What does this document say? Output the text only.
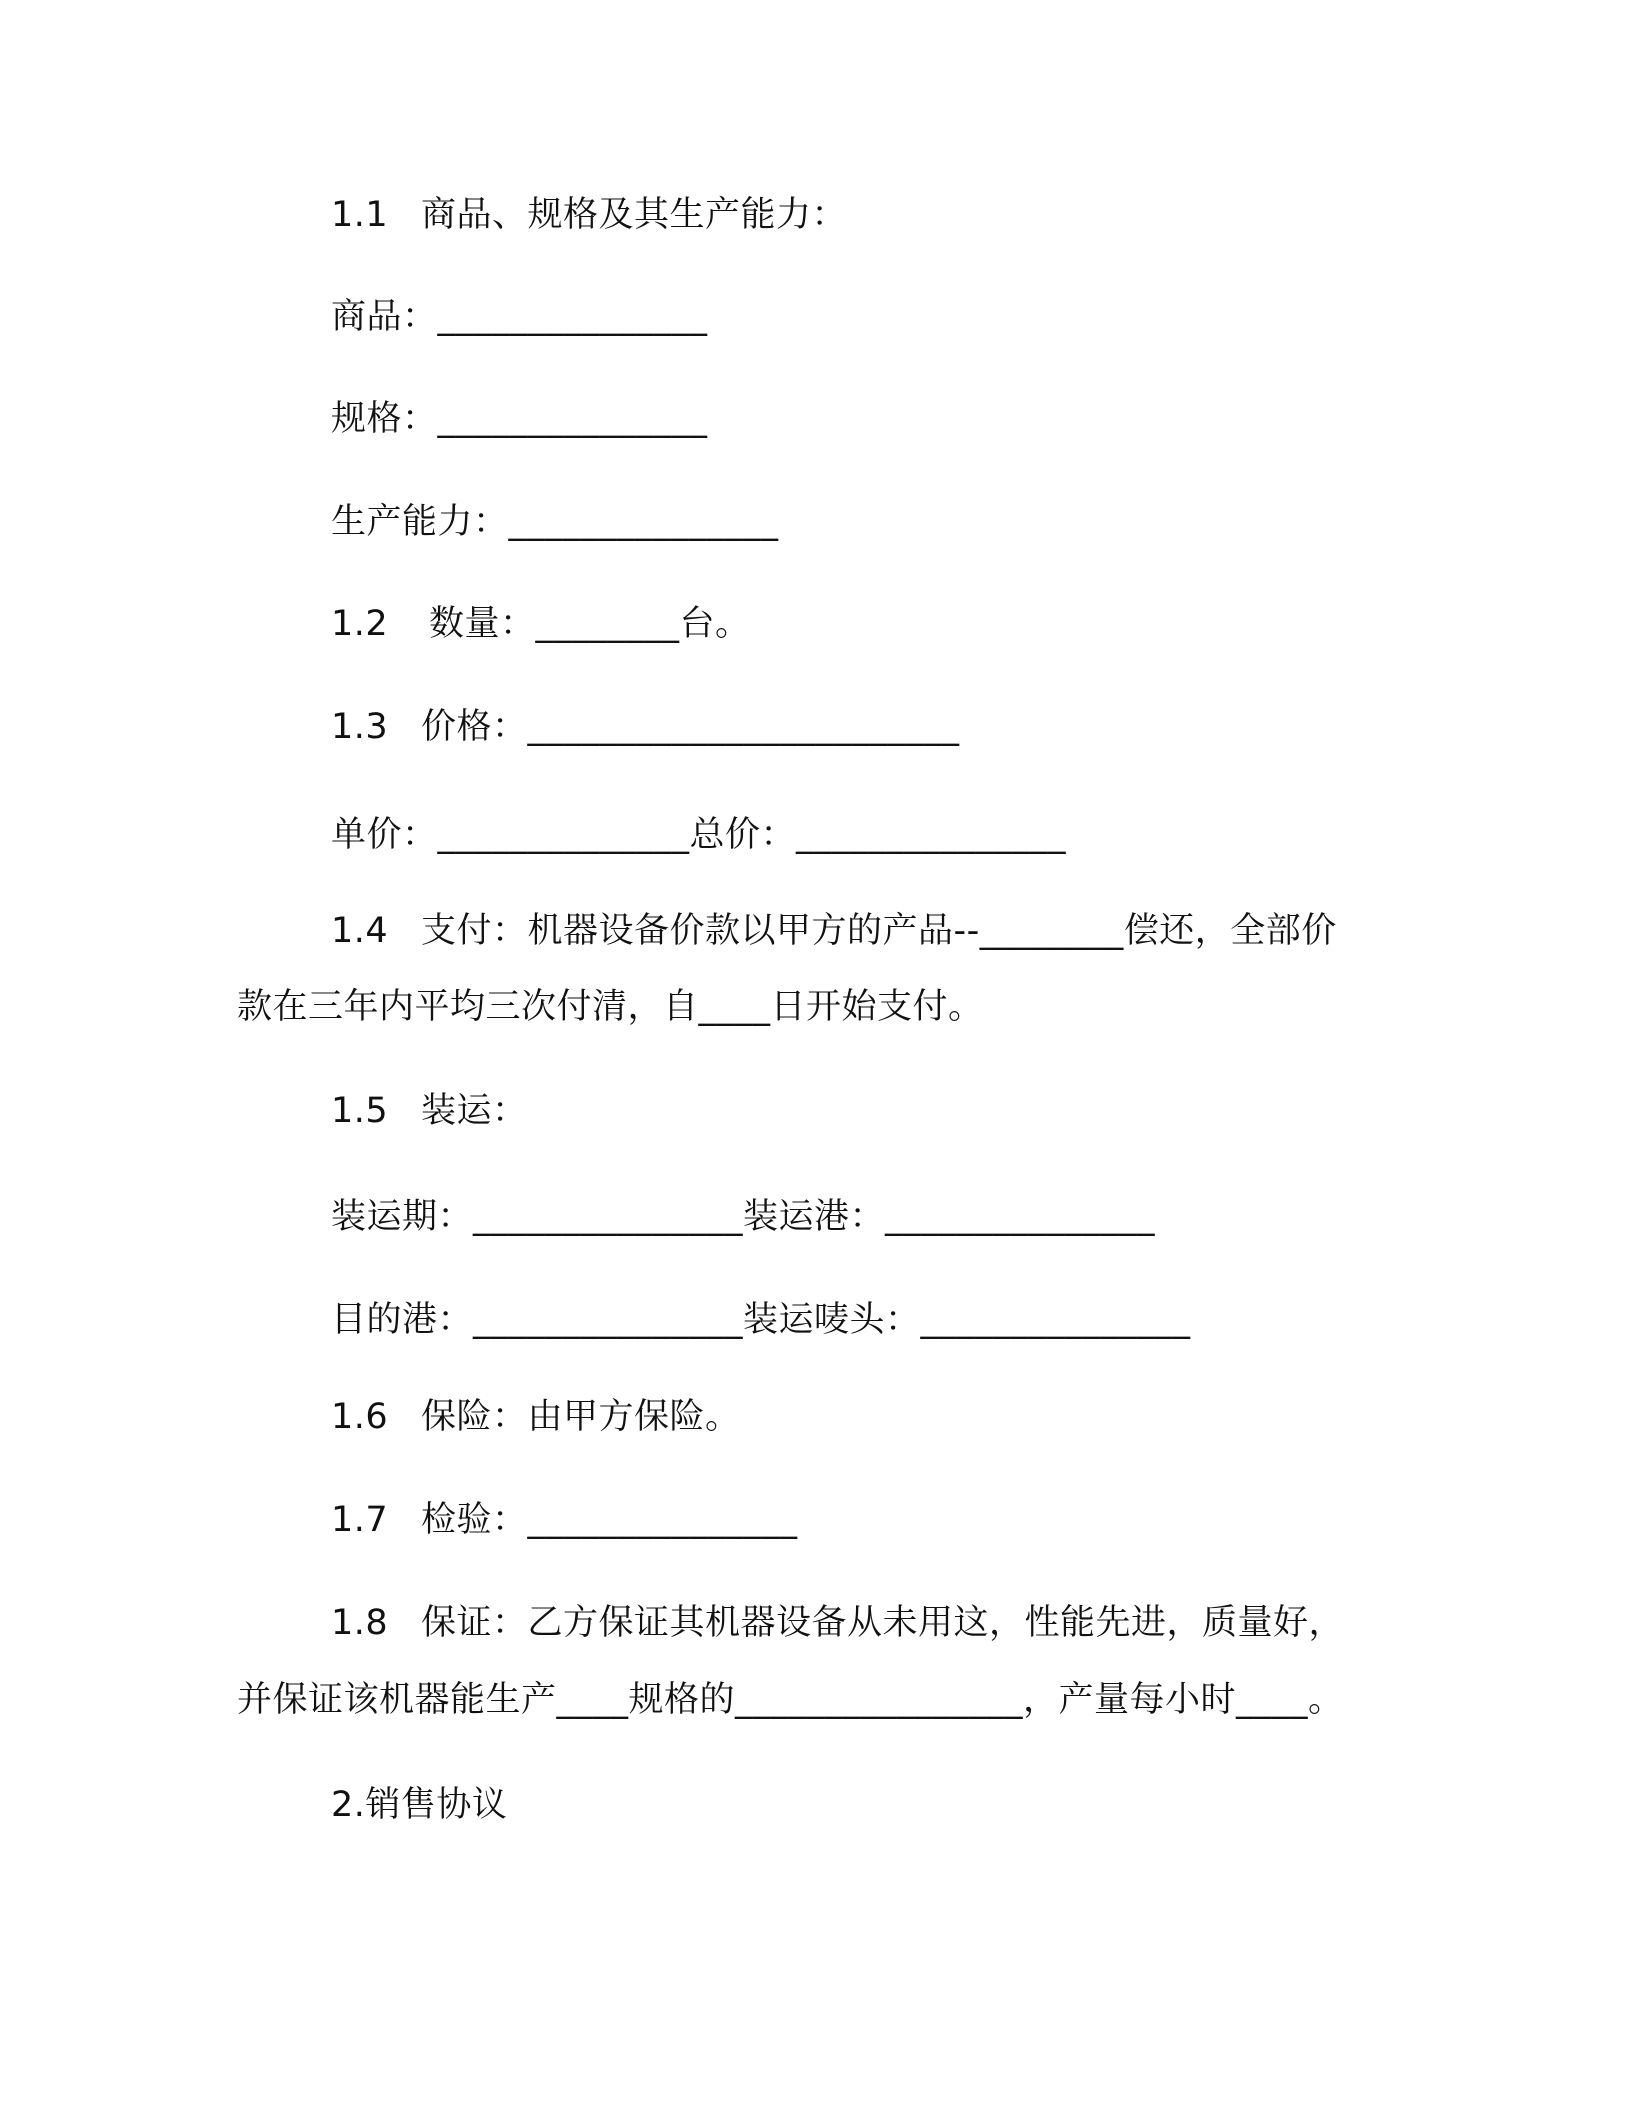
1.1 商品、规格及其生产能力：
商品：_______________
规格：_______________
生产能力：_______________
1.2 数量：________台。
1.3 价格：________________________
单价：______________总价：_______________
1.4 支付：机器设备价款以甲方的产品--________偿还，全部价
款在三年内平均三次付清，自____日开始支付。
1.5 装运：
装运期：_______________装运港：_______________
目的港：_______________装运唛头：_______________
1.6 保险：由甲方保险。
1.7 检验：_______________
1.8 保证：乙方保证其机器设备从未用这，性能先进，质量好，
并保证该机器能生产____规格的________________，产量每小时____。
2.销售协议
